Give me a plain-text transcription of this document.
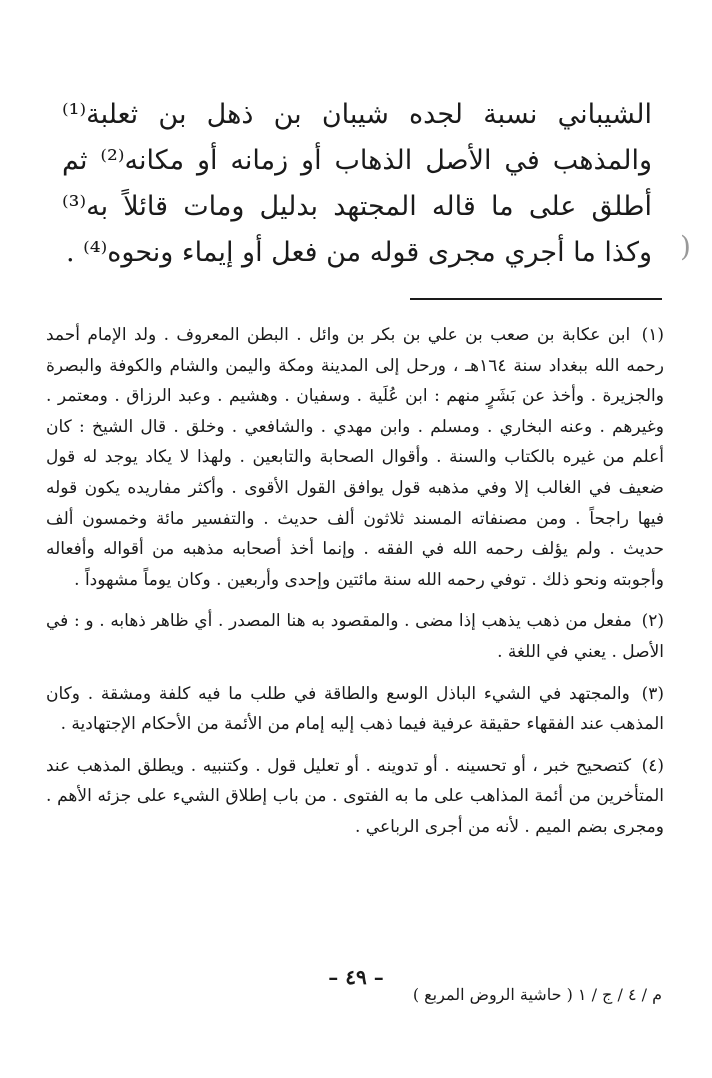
الشيباني نسبة لجده شيبان بن ذهل بن ثعلبة⁽¹⁾ والمذهب في الأصل الذهاب أو زمانه أو مكانه⁽²⁾ ثم أطلق على ما قاله المجتهد بدليل ومات قائلاً به⁽³⁾ وكذا ما أجري مجرى قوله من فعل أو إيماء ونحوه⁽⁴⁾ .

(١) ابن عكابة بن صعب بن علي بن بكر بن وائل . البطن المعروف . ولد الإمام أحمد رحمه الله ببغداد سنة ١٦٤هـ ، ورحل إلى المدينة ومكة واليمن والشام والكوفة والبصرة والجزيرة . وأخذ عن بَشَرٍ منهم : ابن عُلَية . وسفيان . وهشيم . وعبد الرزاق . ومعتمر . وغيرهم . وعنه البخاري . ومسلم . وابن مهدي . والشافعي . وخلق . قال الشيخ : كان أعلم من غيره بالكتاب والسنة . وأقوال الصحابة والتابعين . ولهذا لا يكاد يوجد له قول ضعيف في الغالب إلا وفي مذهبه قول يوافق القول الأقوى . وأكثر مفاريده يكون قوله فيها راجحاً . ومن مصنفاته المسند ثلاثون ألف حديث . والتفسير مائة وخمسون ألف حديث . ولم يؤلف رحمه الله في الفقه . وإنما أخذ أصحابه مذهبه من أقواله وأفعاله وأجوبته ونحو ذلك . توفي رحمه الله سنة مائتين وإحدى وأربعين . وكان يوماً مشهوداً .

(٢) مفعل من ذهب يذهب إذا مضى . والمقصود به هنا المصدر . أي ظاهر ذهابه . و : في الأصل . يعني في اللغة .

(٣) والمجتهد في الشيء الباذل الوسع والطاقة في طلب ما فيه كلفة ومشقة . وكان المذهب عند الفقهاء حقيقة عرفية فيما ذهب إليه إمام من الأئمة من الأحكام الإجتهادية .

(٤) كتصحيح خبر ، أو تحسينه . أو تدوينه . أو تعليل قول . وكتنبيه . ويطلق المذهب عند المتأخرين من أئمة المذاهب على ما به الفتوى . من باب إطلاق الشيء على جزئه الأهم . ومجرى بضم الميم . لأنه من أجرى الرباعي .

(
– ٤٩ –
م / ٤ / ج / ١ ( حاشية الروض المربع )
